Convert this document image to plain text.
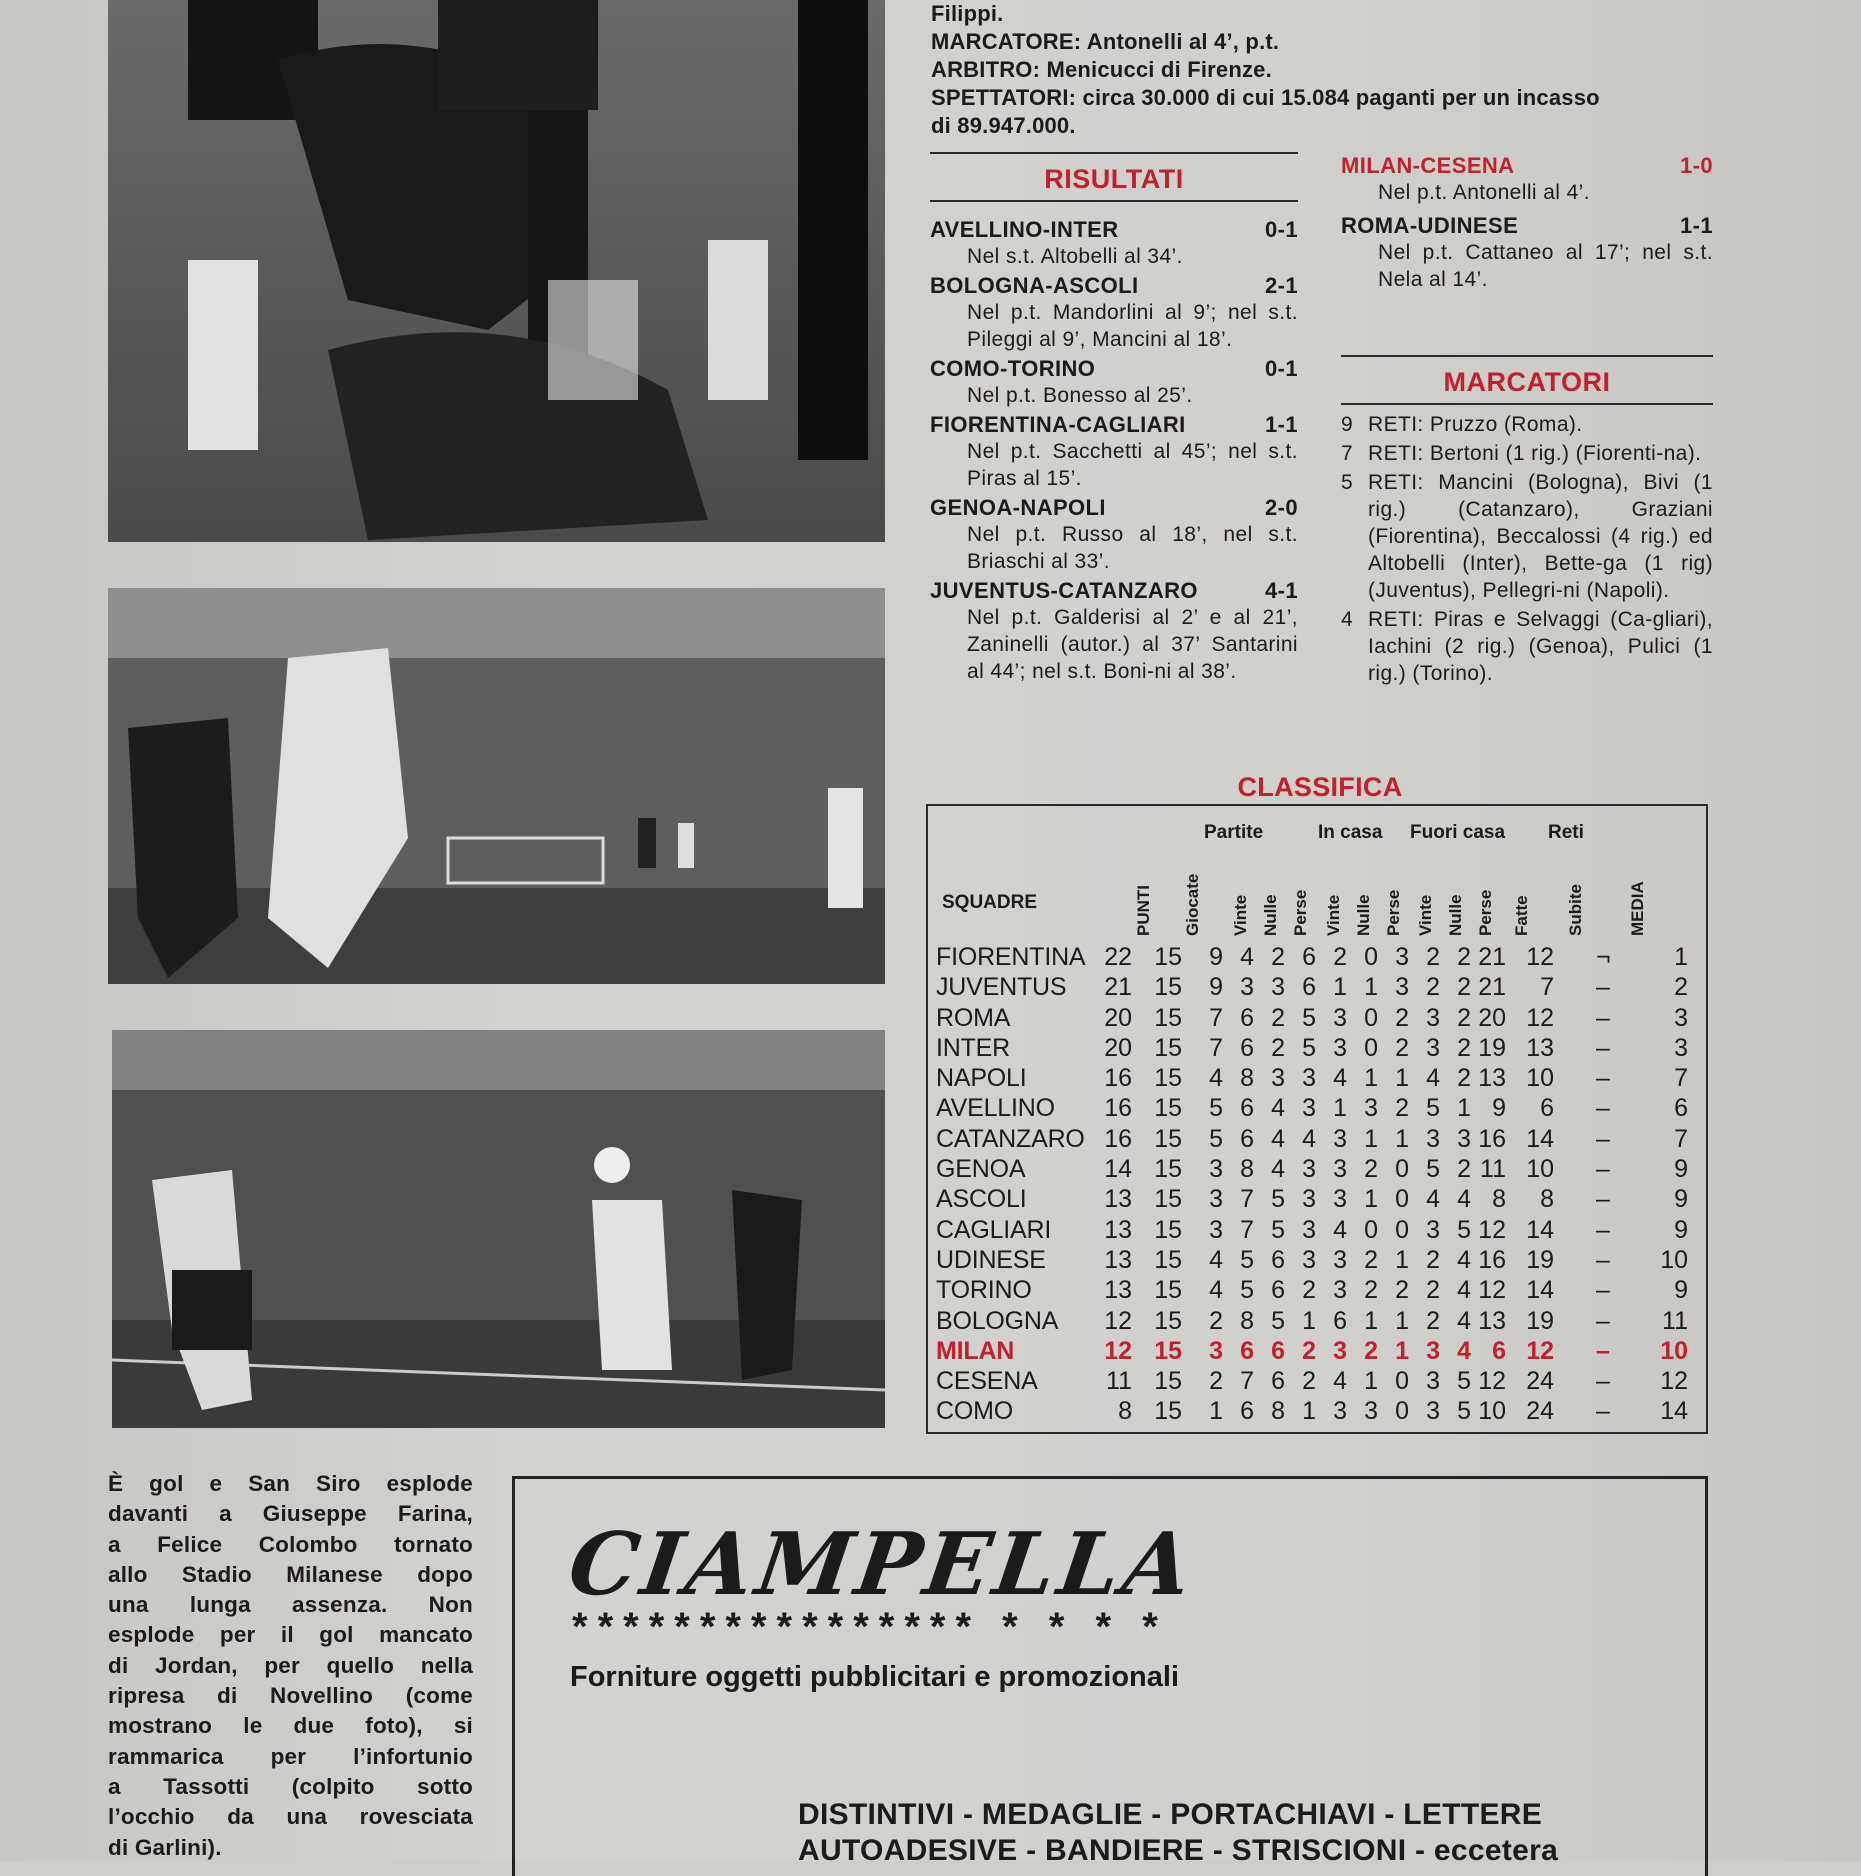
Filippi.
MARCATORE: Antonelli al 4’, p.t.
ARBITRO: Menicucci di Firenze.
SPETTATORI: circa 30.000 di cui 15.084 paganti per un incasso
di 89.947.000.
RISULTATI
AVELLINO-INTER	0-1
Nel s.t. Altobelli al 34’.
BOLOGNA-ASCOLI	2-1
Nel p.t. Mandorlini al 9’; nel s.t. Pileggi al 9’, Mancini al 18’.
COMO-TORINO	0-1
Nel p.t. Bonesso al 25’.
FIORENTINA-CAGLIARI	1-1
Nel p.t. Sacchetti al 45’; nel s.t. Piras al 15’.
GENOA-NAPOLI	2-0
Nel p.t. Russo al 18’, nel s.t. Briaschi al 33’.
JUVENTUS-CATANZARO	4-1
Nel p.t. Galderisi al 2’ e al 21’, Zaninelli (autor.) al 37’ Santarini al 44’; nel s.t. Boni-ni al 38’.
MILAN-CESENA	1-0
Nel p.t. Antonelli al 4’.
ROMA-UDINESE	1-1
Nel p.t. Cattaneo al 17’; nel s.t. Nela al 14’.
MARCATORI
9 RETI: Pruzzo (Roma).
7 RETI: Bertoni (1 rig.) (Fiorenti-na).
5 RETI: Mancini (Bologna), Bivi (1 rig.) (Catanzaro), Graziani (Fiorentina), Beccalossi (4 rig.) ed Altobelli (Inter), Bette-ga (1 rig) (Juventus), Pellegri-ni (Napoli).
4 RETI: Piras e Selvaggi (Ca-gliari), Iachini (2 rig.) (Genoa), Pulici (1 rig.) (Torino).
CLASSIFICA
Partite	In casa Fuori casa Reti
SQUADRE	PUNTI Giocate Vinte Nulle Perse Vinte Nulle Perse Vinte Nulle Perse Fatte Subite	MEDIA
FIORENTINA 22 15	9 4 2 6 2 0 3 2 2 21 12 ¬	1
JUVENTUS 21 15	9 3 3 6 1 1 3 2 2 21	7 –	2
ROMA	20 15	7 6 2 5 3 0 2 3 2 20 12 –	3
INTER	20 15	7 6 2 5 3 0 2 3 2 19 13 –	3
NAPOLI	16 15	4 8 3 3 4 1 1 4 2 13 10 –	7
AVELLINO 16 15	5 6 4 3 1 3 2 5 1 9	6 –	6
CATANZARO 16 15	5 6 4 4 3 1 1 3 3 16 14 –	7
GENOA	14 15	3 8 4 3 3 2 0 5 2 11 10 –	9
ASCOLI	13 15	3 7 5 3 3 1 0 4 4 8	8 –	9
CAGLIARI 13 15	3 7 5 3 4 0 0 3 5 12 14 –	9
UDINESE 13 15	4 5 6 3 3 2 1 2 4 16 19 – 10
TORINO	13 15	4 5 6 2 3 2 2 2 4 12 14 –	9
BOLOGNA 12 15	2 8 5 1 6 1 1 2 4 13 19 – 11
MILAN	12 15	3 6 6 2 3 2 1 3 4 6 12 – 10
CESENA	11 15	2 7 6 2 4 1 0 3 5 12 24 – 12
COMO	8 15	1 6 8 1 3 3 0 3 5 10 24 – 14
È gol e San Siro esplode
davanti a Giuseppe Farina,
a Felice Colombo tornato
allo Stadio Milanese dopo
una lunga assenza. Non
esplode per il gol mancato
di Jordan, per quello nella
ripresa di Novellino (come
mostrano le due foto), si
rammarica per l’infortunio
a Tassotti (colpito sotto
l’occhio da una rovesciata
di Garlini).
CIAMPELLA
**************** * * * *
Forniture oggetti pubblicitari e promozionali
DISTINTIVI - MEDAGLIE - PORTACHIAVI - LETTERE
AUTOADESIVE - BANDIERE - STRISCIONI - eccetera
